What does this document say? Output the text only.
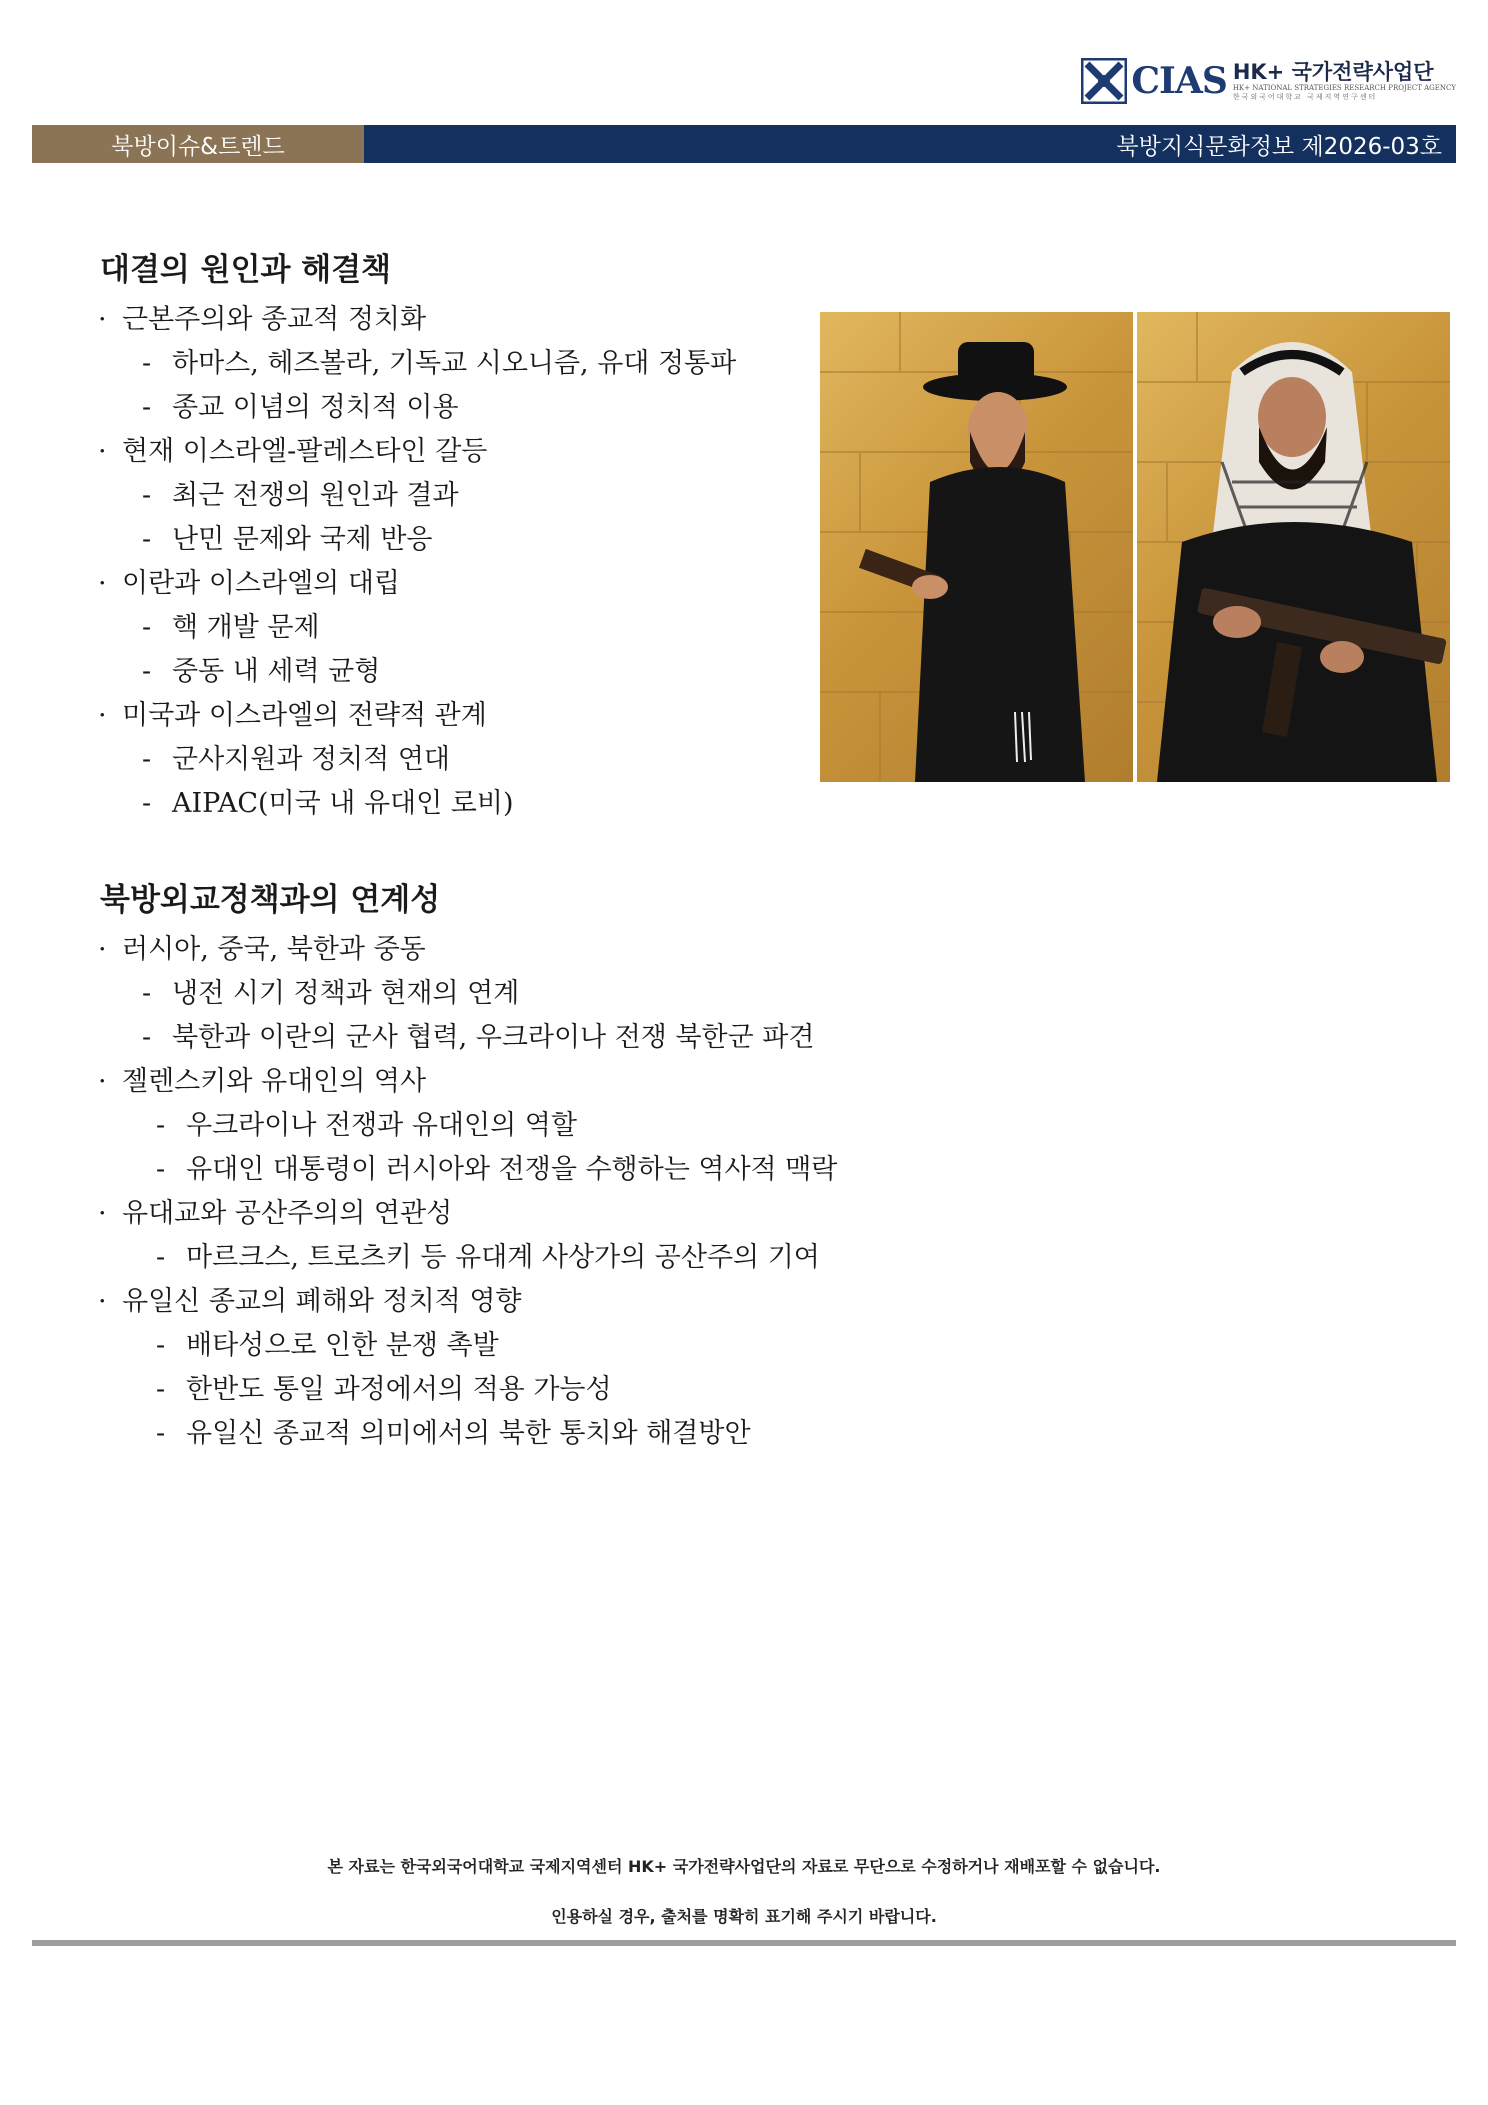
CIAS HK+ 국가전략사업단
HK+ NATIONAL STRATEGIES RESEARCH PROJECT AGENCY
한국외국어대학교 국제지역연구센터
북방이슈&트렌드	북방지식문화정보 제2026-03호
대결의 원인과 해결책
· 근본주의와 종교적 정치화
- 하마스, 헤즈볼라, 기독교 시오니즘, 유대 정통파
- 종교 이념의 정치적 이용
· 현재 이스라엘-팔레스타인 갈등
- 최근 전쟁의 원인과 결과
- 난민 문제와 국제 반응
· 이란과 이스라엘의 대립
- 핵 개발 문제
- 중동 내 세력 균형
· 미국과 이스라엘의 전략적 관계
- 군사지원과 정치적 연대
- AIPAC(미국 내 유대인 로비)
북방외교정책과의 연계성
· 러시아, 중국, 북한과 중동
- 냉전 시기 정책과 현재의 연계
- 북한과 이란의 군사 협력, 우크라이나 전쟁 북한군 파견
· 젤렌스키와 유대인의 역사
- 우크라이나 전쟁과 유대인의 역할
- 유대인 대통령이 러시아와 전쟁을 수행하는 역사적 맥락
· 유대교와 공산주의의 연관성
- 마르크스, 트로츠키 등 유대계 사상가의 공산주의 기여
· 유일신 종교의 폐해와 정치적 영향
- 배타성으로 인한 분쟁 촉발
- 한반도 통일 과정에서의 적용 가능성
- 유일신 종교적 의미에서의 북한 통치와 해결방안
본 자료는 한국외국어대학교 국제지역센터 HK+ 국가전략사업단의 자료로 무단으로 수정하거나 재배포할 수 없습니다.
인용하실 경우, 출처를 명확히 표기해 주시기 바랍니다.
